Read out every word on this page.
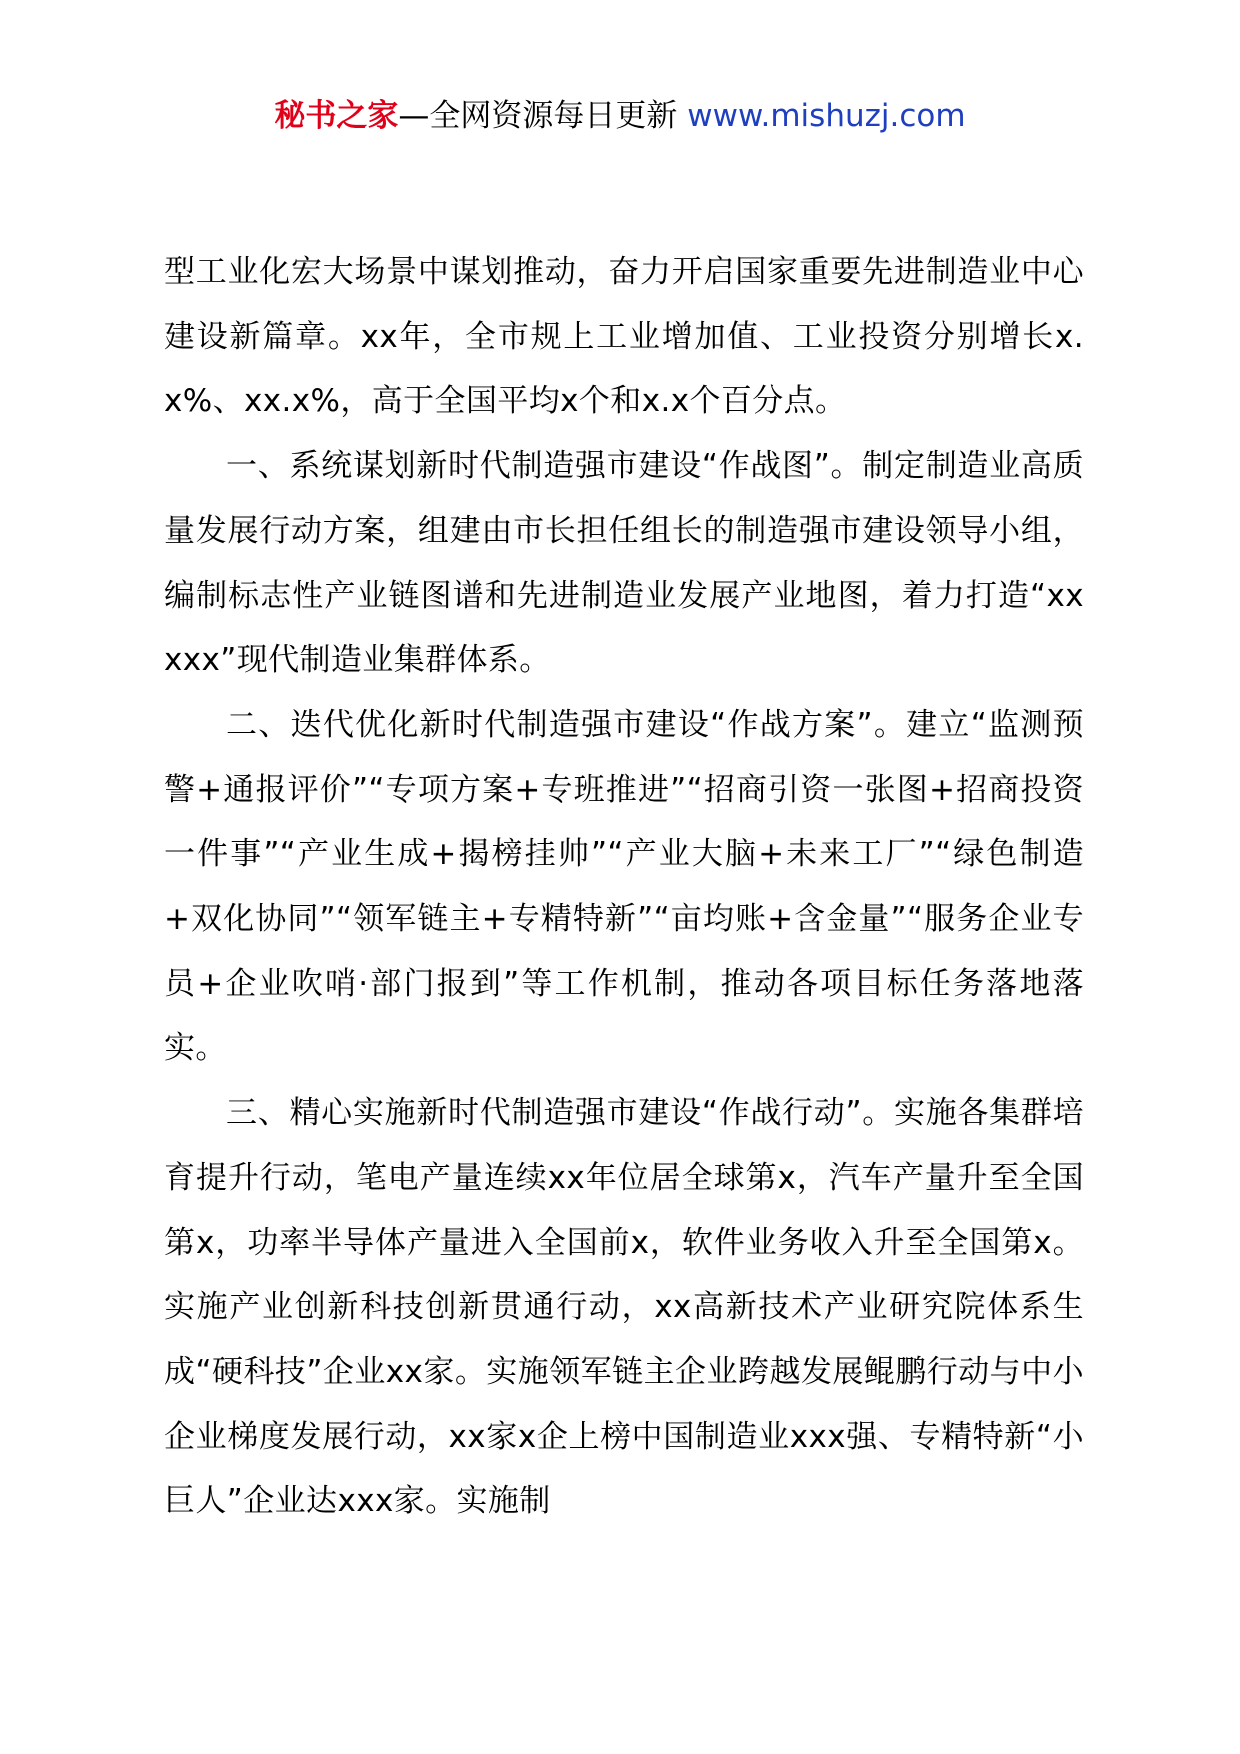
秘书之家—全网资源每日更新 www.mishuzj.com

型工业化宏大场景中谋划推动，奋力开启国家重要先进制造业中心建设新篇章。xx年，全市规上工业增加值、工业投资分别增长x.x%、xx.x%，高于全国平均x个和x.x个百分点。

一、系统谋划新时代制造强市建设“作战图”。制定制造业高质量发展行动方案，组建由市长担任组长的制造强市建设领导小组，编制标志性产业链图谱和先进制造业发展产业地图，着力打造“xxxxx”现代制造业集群体系。

二、迭代优化新时代制造强市建设“作战方案”。建立“监测预警+通报评价”“专项方案+专班推进”“招商引资一张图+招商投资一件事”“产业生成+揭榜挂帅”“产业大脑+未来工厂”“绿色制造+双化协同”“领军链主+专精特新”“亩均账+含金量”“服务企业专员+企业吹哨·部门报到”等工作机制，推动各项目标任务落地落实。

三、精心实施新时代制造强市建设“作战行动”。实施各集群培育提升行动，笔电产量连续xx年位居全球第x，汽车产量升至全国第x，功率半导体产量进入全国前x，软件业务收入升至全国第x。实施产业创新科技创新贯通行动，xx高新技术产业研究院体系生成“硬科技”企业xx家。实施领军链主企业跨越发展鲲鹏行动与中小企业梯度发展行动，xx家x企上榜中国制造业xxx强、专精特新“小巨人”企业达xxx家。实施制
